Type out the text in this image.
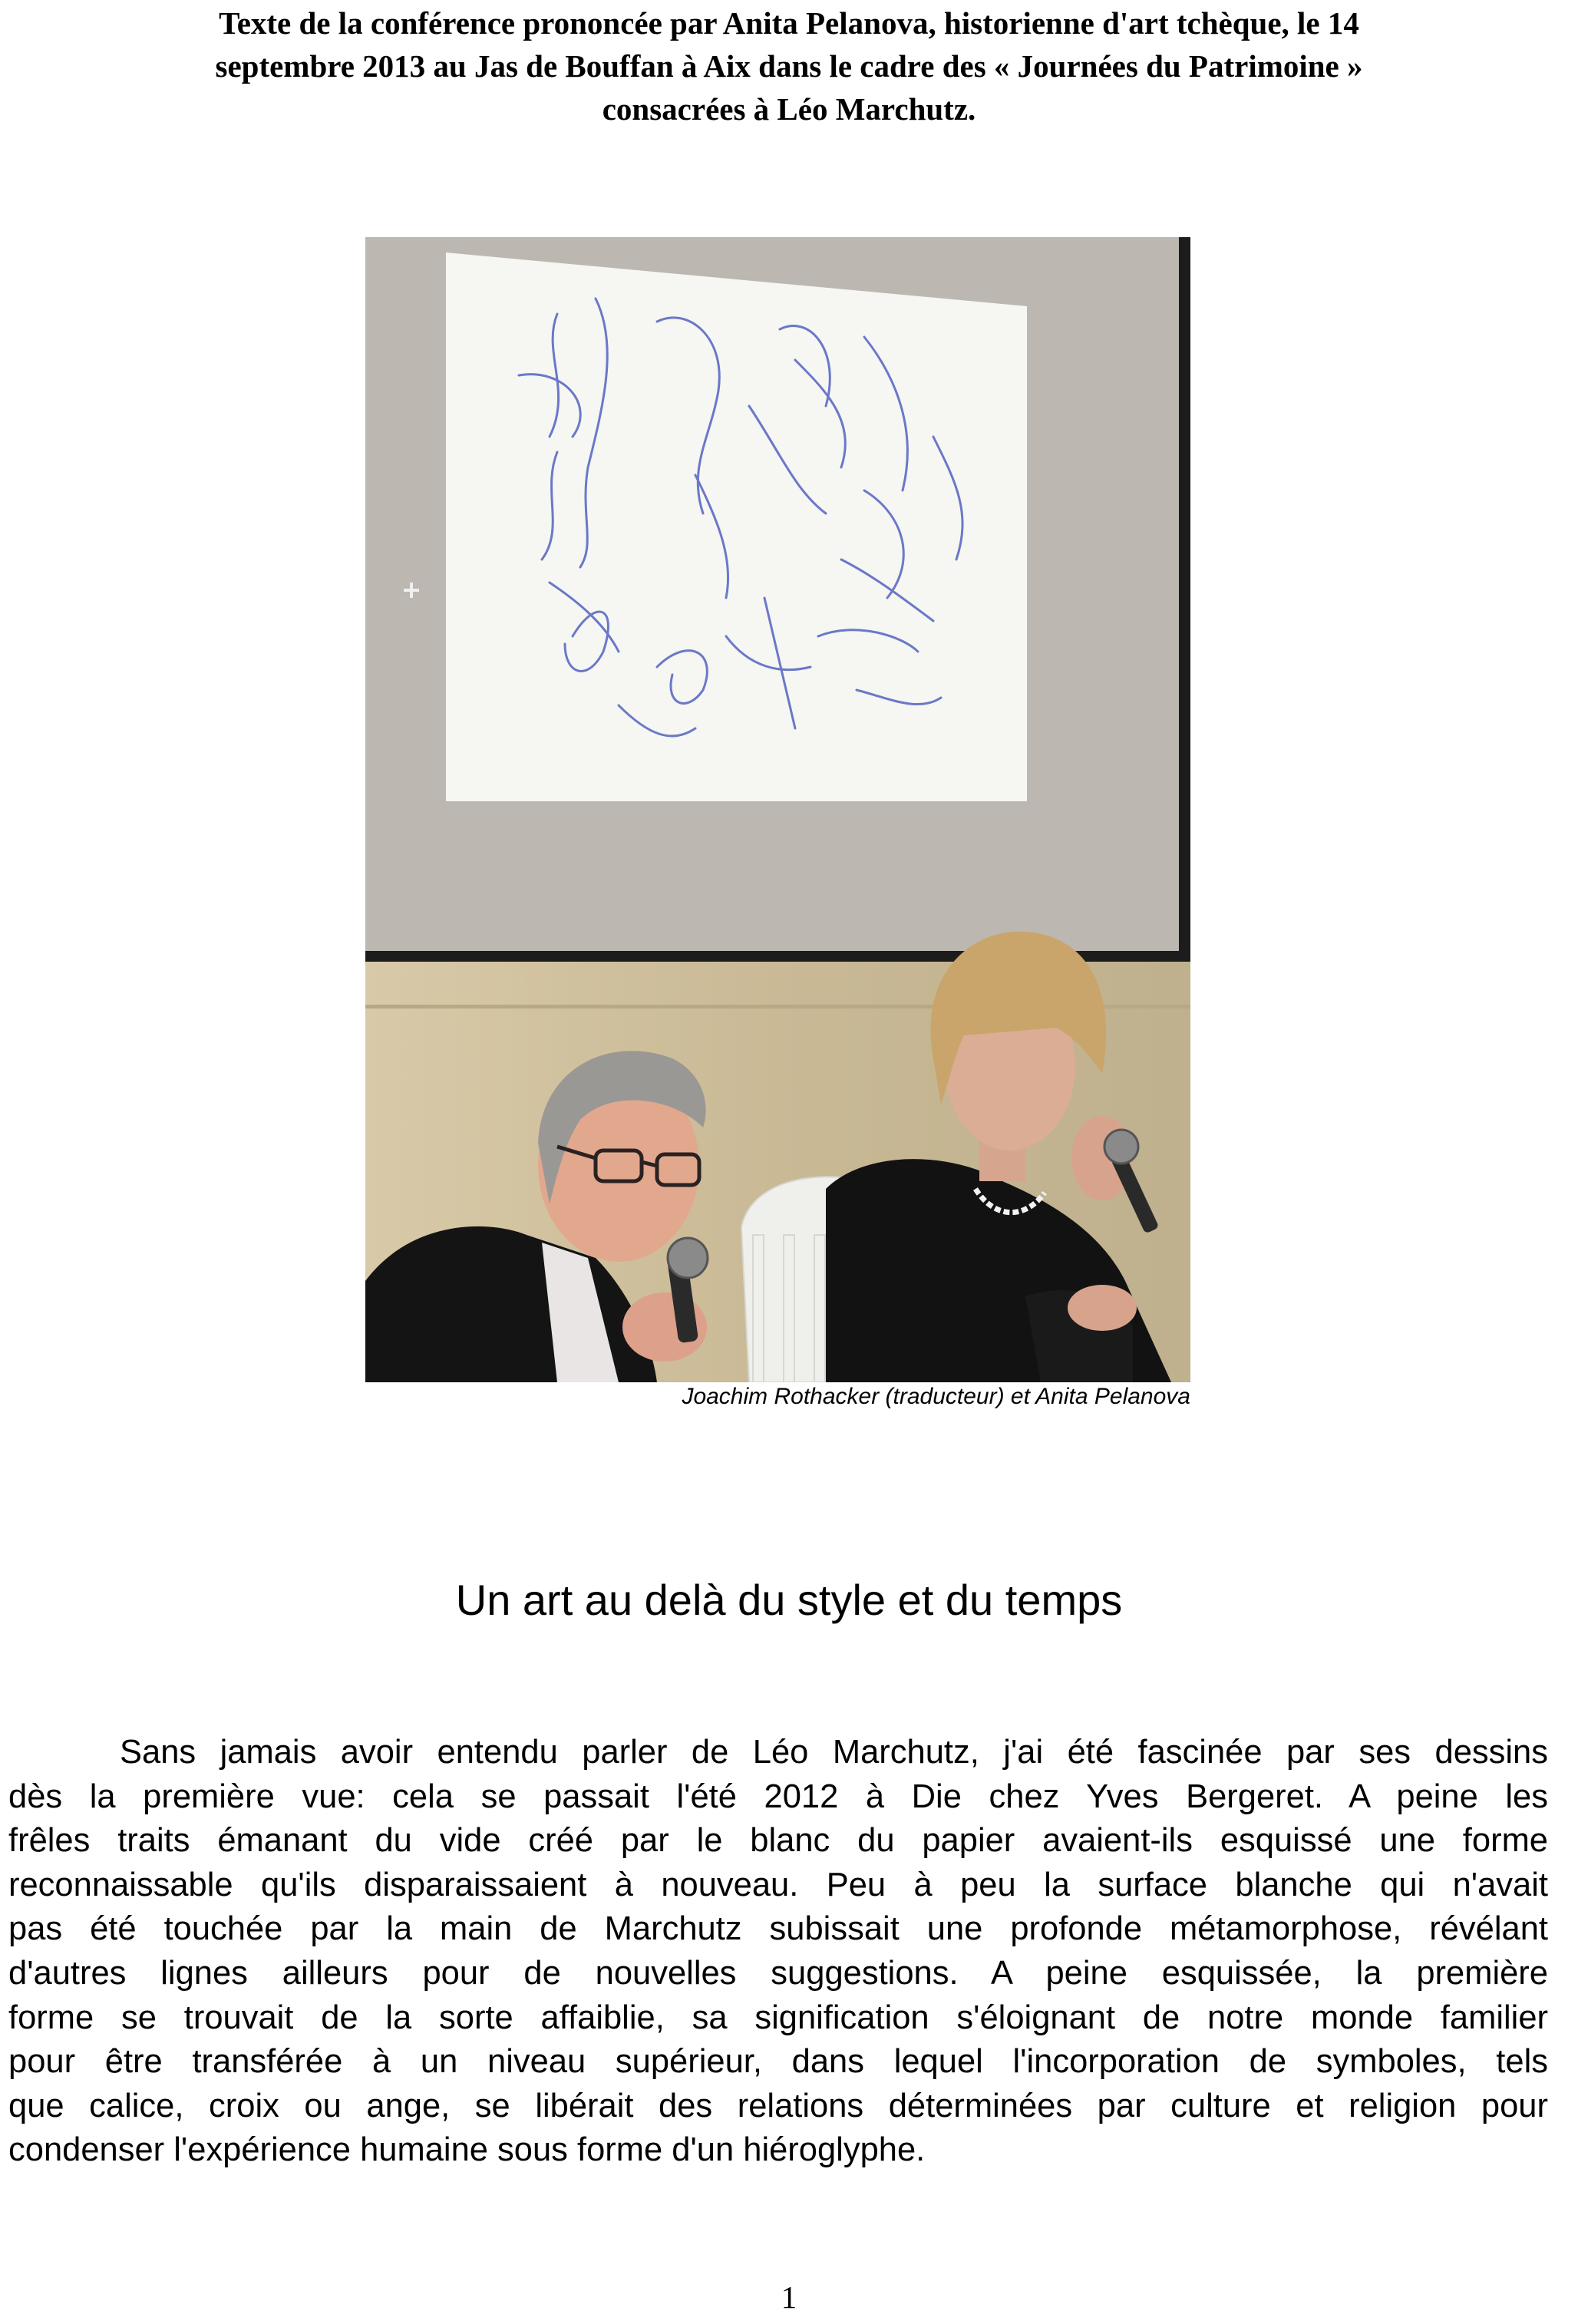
Texte de la conférence prononcée par Anita Pelanova, historienne d'art tchèque, le 14
septembre 2013 au Jas de Bouffan à Aix dans le cadre des « Journées du Patrimoine »
consacrées à Léo Marchutz.
Joachim Rothacker (traducteur) et Anita Pelanova
Un art au delà du style et du temps
Sans jamais avoir entendu parler de Léo Marchutz, j'ai été fascinée par ses dessins
dès la première vue: cela se passait l'été 2012 à Die chez Yves Bergeret. A peine les
frêles traits émanant du vide créé par le blanc du papier avaient-ils esquissé une forme
reconnaissable qu'ils disparaissaient à nouveau. Peu à peu la surface blanche qui n'avait
pas été touchée par la main de Marchutz subissait une profonde métamorphose, révélant
d'autres lignes ailleurs pour de nouvelles suggestions. A peine esquissée, la première
forme se trouvait de la sorte affaiblie, sa signification s'éloignant de notre monde familier
pour être transférée à un niveau supérieur, dans lequel l'incorporation de symboles, tels
que calice, croix ou ange, se libérait des relations déterminées par culture et religion pour
condenser l'expérience humaine sous forme d'un hiéroglyphe.
1
